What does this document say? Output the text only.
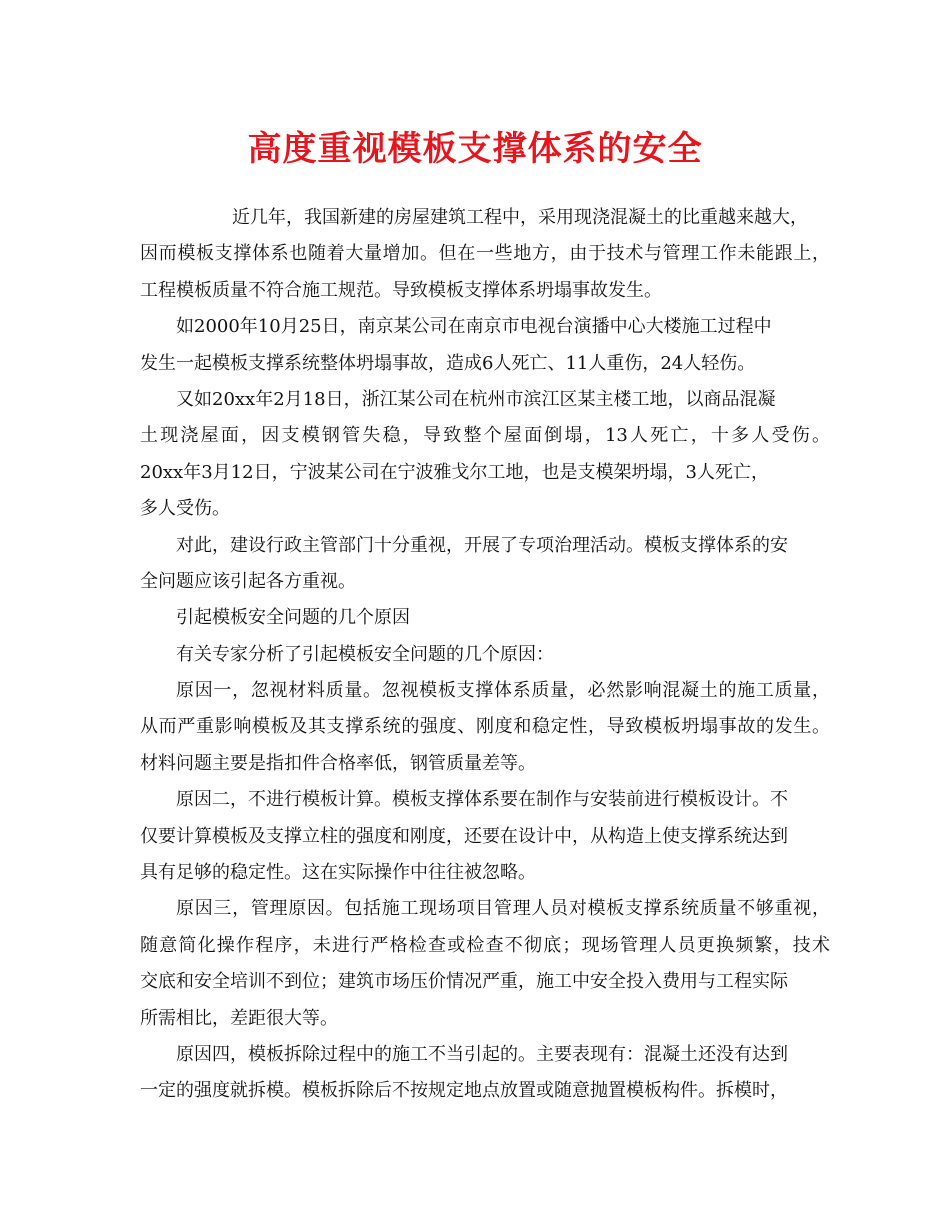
高度重视模板支撑体系的安全
近几年，我国新建的房屋建筑工程中，采用现浇混凝土的比重越来越大，
因而模板支撑体系也随着大量增加。但在一些地方，由于技术与管理工作未能跟上，
工程模板质量不符合施工规范。导致模板支撑体系坍塌事故发生。
如2000年10月25日，南京某公司在南京市电视台演播中心大楼施工过程中
发生一起模板支撑系统整体坍塌事故，造成6人死亡、11人重伤，24人轻伤。
又如20xx年2月18日，浙江某公司在杭州市滨江区某主楼工地，以商品混凝
土现浇屋面，因支模钢管失稳，导致整个屋面倒塌，13人死亡，十多人受伤。
20xx年3月12日，宁波某公司在宁波雅戈尔工地，也是支模架坍塌，3人死亡，
多人受伤。
对此，建设行政主管部门十分重视，开展了专项治理活动。模板支撑体系的安
全问题应该引起各方重视。
引起模板安全问题的几个原因
有关专家分析了引起模板安全问题的几个原因：
原因一，忽视材料质量。忽视模板支撑体系质量，必然影响混凝土的施工质量，
从而严重影响模板及其支撑系统的强度、刚度和稳定性，导致模板坍塌事故的发生。
材料问题主要是指扣件合格率低，钢管质量差等。
原因二，不进行模板计算。模板支撑体系要在制作与安装前进行模板设计。不
仅要计算模板及支撑立柱的强度和刚度，还要在设计中，从构造上使支撑系统达到
具有足够的稳定性。这在实际操作中往往被忽略。
原因三，管理原因。包括施工现场项目管理人员对模板支撑系统质量不够重视，
随意简化操作程序，未进行严格检查或检查不彻底；现场管理人员更换频繁，技术
交底和安全培训不到位；建筑市场压价情况严重，施工中安全投入费用与工程实际
所需相比，差距很大等。
原因四，模板拆除过程中的施工不当引起的。主要表现有：混凝土还没有达到
一定的强度就拆模。模板拆除后不按规定地点放置或随意抛置模板构件。拆模时，
